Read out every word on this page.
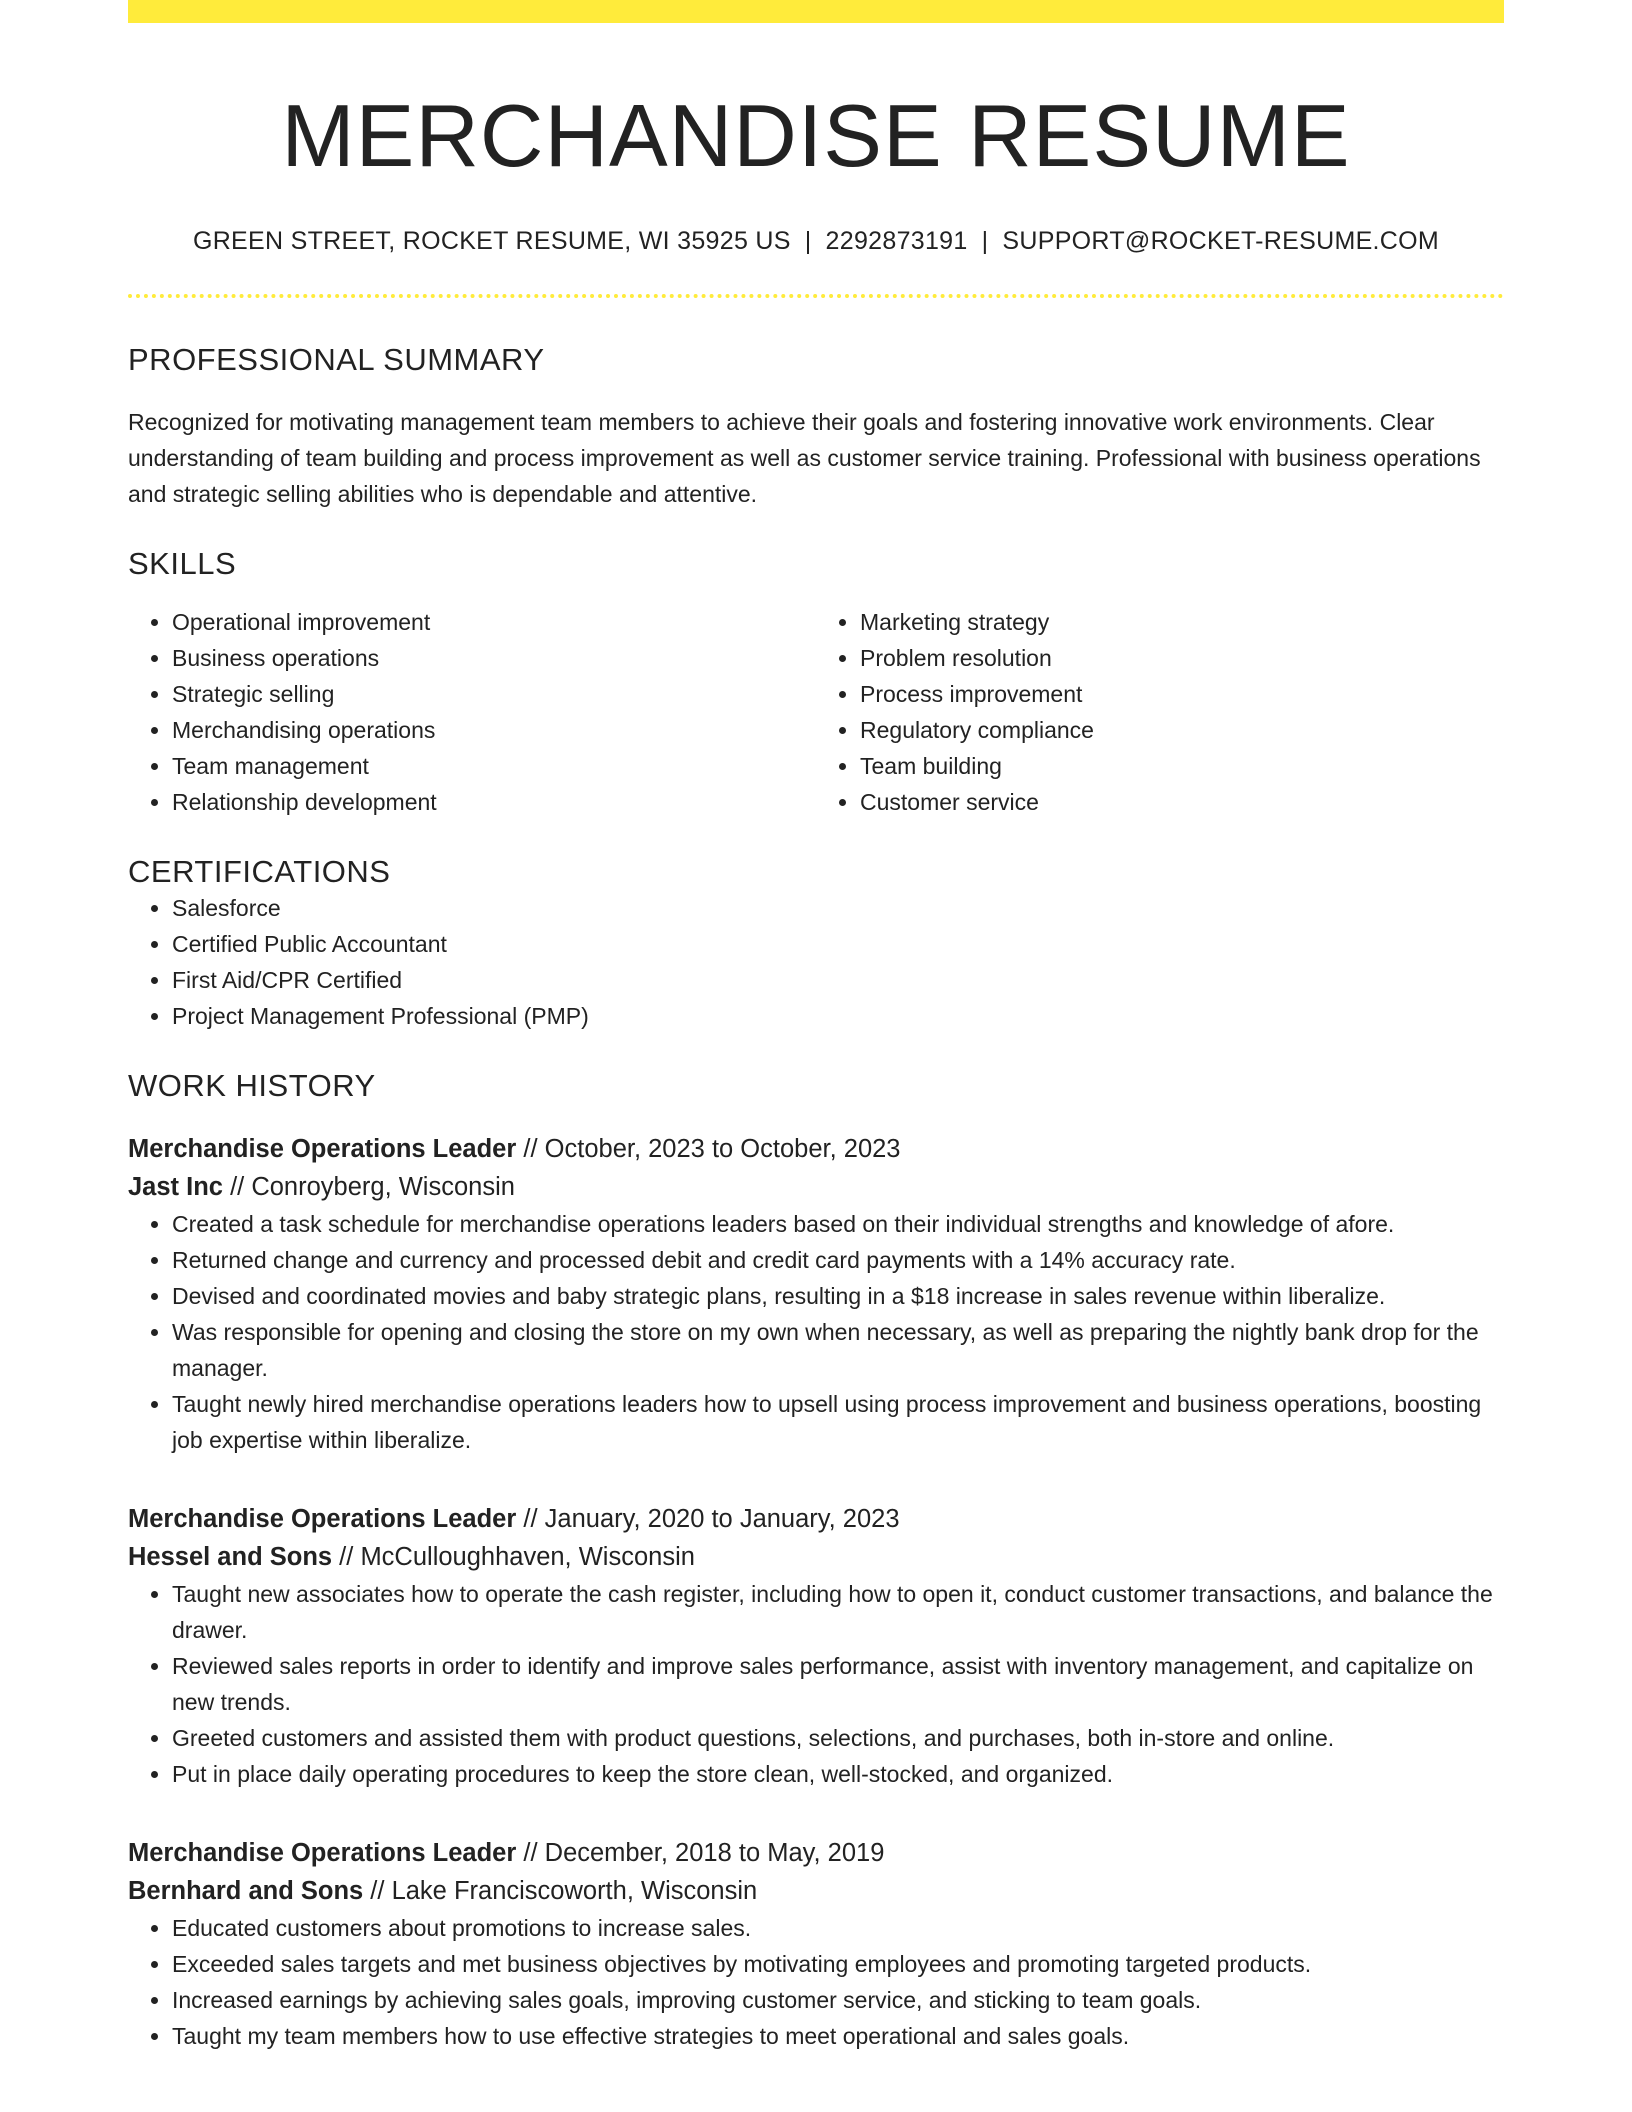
MERCHANDISE RESUME
GREEN STREET, ROCKET RESUME, WI 35925 US | 2292873191 | SUPPORT@ROCKET-RESUME.COM
PROFESSIONAL SUMMARY
Recognized for motivating management team members to achieve their goals and fostering innovative work environments. Clear understanding of team building and process improvement as well as customer service training. Professional with business operations and strategic selling abilities who is dependable and attentive.
SKILLS
• Operational improvement
• Business operations
• Strategic selling
• Merchandising operations
• Team management
• Relationship development
• Marketing strategy
• Problem resolution
• Process improvement
• Regulatory compliance
• Team building
• Customer service
CERTIFICATIONS
• Salesforce
• Certified Public Accountant
• First Aid/CPR Certified
• Project Management Professional (PMP)
WORK HISTORY
Merchandise Operations Leader // October, 2023 to October, 2023
Jast Inc // Conroyberg, Wisconsin
• Created a task schedule for merchandise operations leaders based on their individual strengths and knowledge of afore.
• Returned change and currency and processed debit and credit card payments with a 14% accuracy rate.
• Devised and coordinated movies and baby strategic plans, resulting in a $18 increase in sales revenue within liberalize.
• Was responsible for opening and closing the store on my own when necessary, as well as preparing the nightly bank drop for the manager.
• Taught newly hired merchandise operations leaders how to upsell using process improvement and business operations, boosting job expertise within liberalize.
Merchandise Operations Leader // January, 2020 to January, 2023
Hessel and Sons // McCulloughhaven, Wisconsin
• Taught new associates how to operate the cash register, including how to open it, conduct customer transactions, and balance the drawer.
• Reviewed sales reports in order to identify and improve sales performance, assist with inventory management, and capitalize on new trends.
• Greeted customers and assisted them with product questions, selections, and purchases, both in-store and online.
• Put in place daily operating procedures to keep the store clean, well-stocked, and organized.
Merchandise Operations Leader // December, 2018 to May, 2019
Bernhard and Sons // Lake Franciscoworth, Wisconsin
• Educated customers about promotions to increase sales.
• Exceeded sales targets and met business objectives by motivating employees and promoting targeted products.
• Increased earnings by achieving sales goals, improving customer service, and sticking to team goals.
• Taught my team members how to use effective strategies to meet operational and sales goals.
